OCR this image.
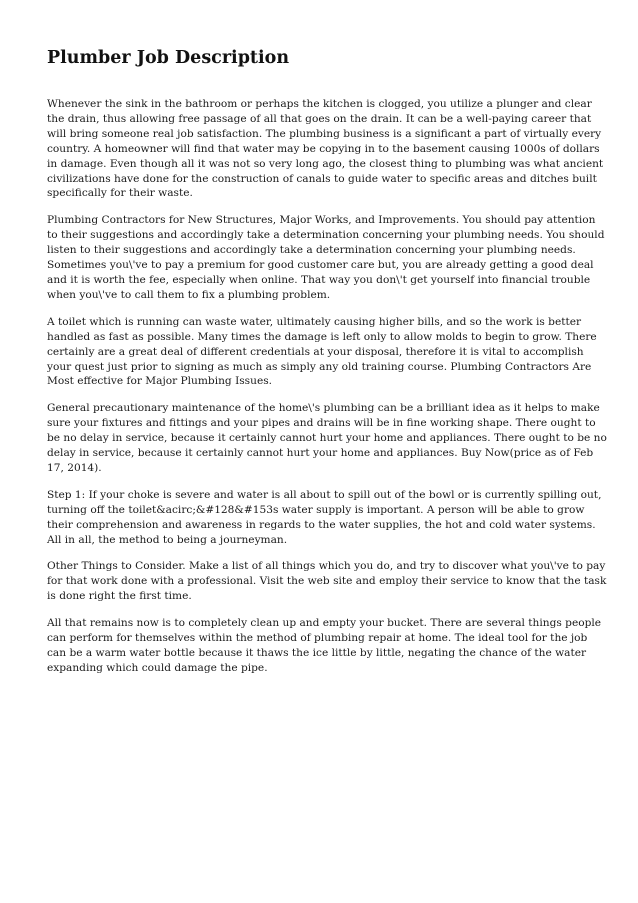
Plumber Job Description

Whenever the sink in the bathroom or perhaps the kitchen is clogged, you utilize a plunger and clear the drain, thus allowing free passage of all that goes on the drain. It can be a well-paying career that will bring someone real job satisfaction. The plumbing business is a significant a part of virtually every country. A homeowner will find that water may be copying in to the basement causing 1000s of dollars in damage. Even though all it was not so very long ago, the closest thing to plumbing was what ancient civilizations have done for the construction of canals to guide water to specific areas and ditches built specifically for their waste.

Plumbing Contractors for New Structures, Major Works, and Improvements. You should pay attention to their suggestions and accordingly take a determination concerning your plumbing needs. You should listen to their suggestions and accordingly take a determination concerning your plumbing needs. Sometimes you\'ve to pay a premium for good customer care but, you are already getting a good deal and it is worth the fee, especially when online. That way you don\'t get yourself into financial trouble when you\'ve to call them to fix a plumbing problem.

A toilet which is running can waste water, ultimately causing higher bills, and so the work is better handled as fast as possible. Many times the damage is left only to allow molds to begin to grow. There certainly are a great deal of different credentials at your disposal, therefore it is vital to accomplish your quest just prior to signing as much as simply any old training course. Plumbing Contractors Are Most effective for Major Plumbing Issues.

General precautionary maintenance of the home\'s plumbing can be a brilliant idea as it helps to make sure your fixtures and fittings and your pipes and drains will be in fine working shape. There ought to be no delay in service, because it certainly cannot hurt your home and appliances. There ought to be no delay in service, because it certainly cannot hurt your home and appliances. Buy Now(price as of Feb 17, 2014).

Step 1: If your choke is severe and water is all about to spill out of the bowl or is currently spilling out, turning off the toilet&acirc;&#128&#153s water supply is important. A person will be able to grow their comprehension and awareness in regards to the water supplies, the hot and cold water systems. All in all, the method to being a journeyman.

Other Things to Consider. Make a list of all things which you do, and try to discover what you\'ve to pay for that work done with a professional. Visit the web site and employ their service to know that the task is done right the first time.

All that remains now is to completely clean up and empty your bucket. There are several things people can perform for themselves within the method of plumbing repair at home. The ideal tool for the job can be a warm water bottle because it thaws the ice little by little, negating the chance of the water expanding which could damage the pipe.
